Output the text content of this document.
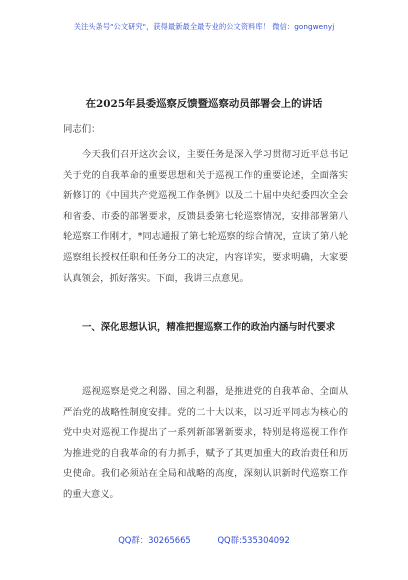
关注头条号"公文研究"，获得最新最全最专业的公文资料库！ 微信：gongwenyj
在2025年县委巡察反馈暨巡察动员部署会上的讲话
同志们：

今天我们召开这次会议，主要任务是深入学习贯彻习近平总书记关于党的自我革命的重要思想和关于巡视工作的重要论述，全面落实新修订的《中国共产党巡视工作条例》以及二十届中央纪委四次全会和省委、市委的部署要求，反馈县委第七轮巡察情况，安排部署第八轮巡察工作刚才，*同志通报了第七轮巡察的综合情况，宣读了第八轮巡察组长授权任职和任务分工的决定，内容详实，要求明确，大家要认真领会，抓好落实。下面，我讲三点意见。

一、深化思想认识，精准把握巡察工作的政治内涵与时代要求

巡视巡察是党之利器、国之利器，是推进党的自我革命、全面从严治党的战略性制度安排。党的二十大以来，以习近平同志为核心的党中央对巡视工作提出了一系列新部署新要求，特别是将巡视工作作为推进党的自我革命的有力抓手，赋予了其更加重大的政治责任和历史使命。我们必须站在全局和战略的高度，深刻认识新时代巡察工作的重大意义。

QQ群：30265665	QQ群:535304092
